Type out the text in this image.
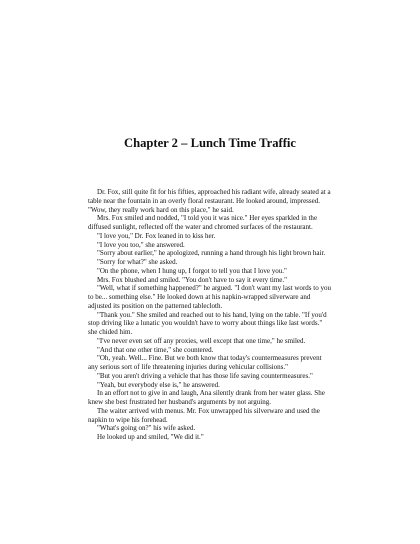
Chapter 2 – Lunch Time Traffic

Dr. Fox, still quite fit for his fifties, approached his radiant wife, already seated at a table near the fountain in an overly floral restaurant. He looked around, impressed. "Wow, they really work hard on this place," he said.

Mrs. Fox smiled and nodded, "I told you it was nice." Her eyes sparkled in the diffused sunlight, reflected off the water and chromed surfaces of the restaurant.

"I love you," Dr. Fox leaned in to kiss her.

"I love you too," she answered.

"Sorry about earlier," he apologized, running a hand through his light brown hair.

"Sorry for what?" she asked.

"On the phone, when I hung up, I forgot to tell you that I love you."

Mrs. Fox blushed and smiled. "You don't have to say it every time."

"Well, what if something happened?" he argued. "I don't want my last words to you to be... something else." He looked down at his napkin-wrapped silverware and adjusted its position on the patterned tablecloth.

"Thank you." She smiled and reached out to his hand, lying on the table. "If you'd stop driving like a lunatic you wouldn't have to worry about things like last words." she chided him.

"I've never even set off any proxies, well except that one time," he smiled.

"And that one other time," she countered.

"Oh, yeah. Well... Fine. But we both know that today's countermeasures prevent any serious sort of life threatening injuries during vehicular collisions."

"But you aren't driving a vehicle that has those life saving countermeasures."

"Yeah, but everybody else is," he answered.

In an effort not to give in and laugh, Ana silently drank from her water glass. She knew she best frustrated her husband's arguments by not arguing.

The waiter arrived with menus. Mr. Fox unwrapped his silverware and used the napkin to wipe his forehead.

"What's going on?" his wife asked.

He looked up and smiled, "We did it."
